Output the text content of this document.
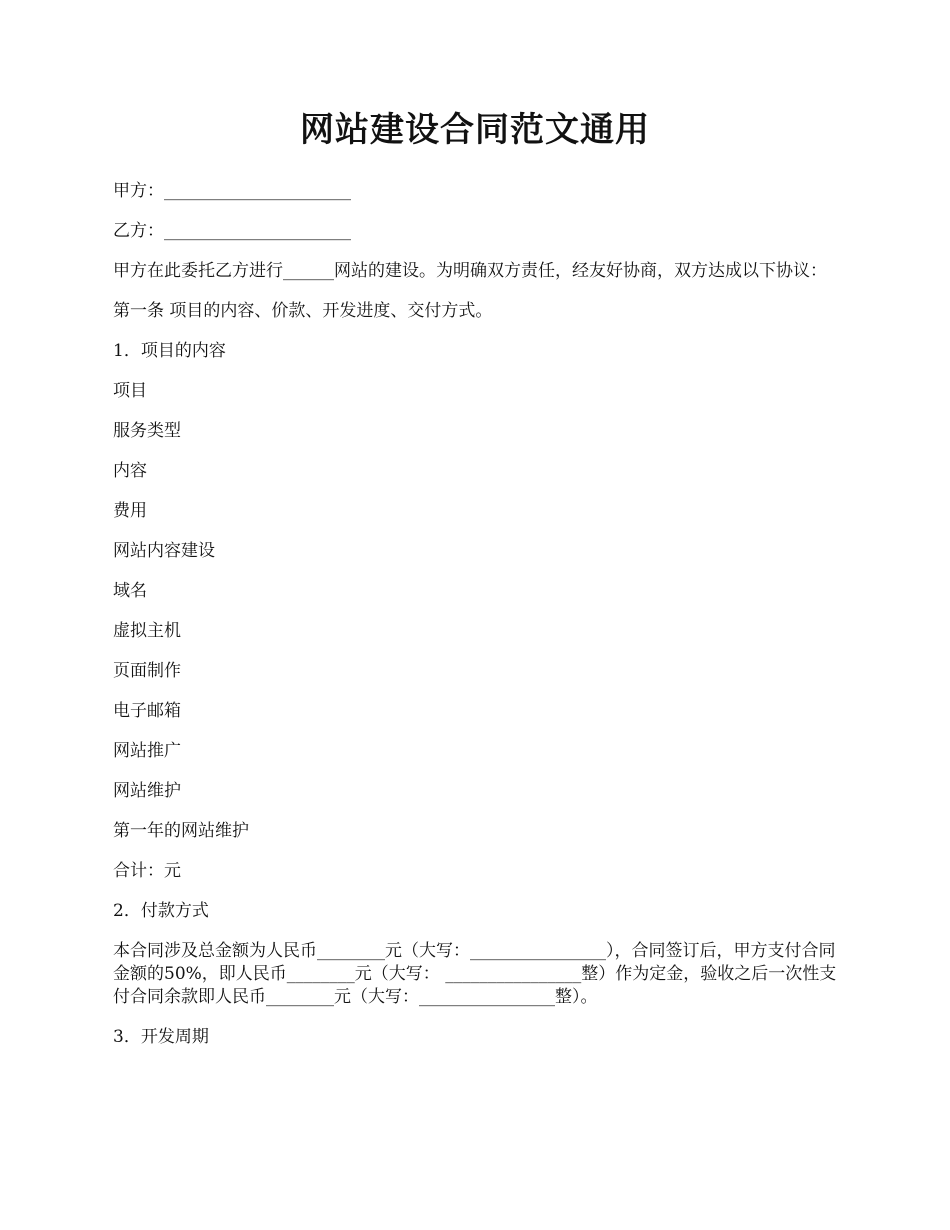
网站建设合同范文通用

甲方：______________________

乙方：______________________

甲方在此委托乙方进行______网站的建设。为明确双方责任，经友好协商，双方达成以下协议：

第一条 项目的内容、价款、开发进度、交付方式。

1．项目的内容

项目

服务类型

内容

费用

网站内容建设

域名

虚拟主机

页面制作

电子邮箱

网站推广

网站维护

第一年的网站维护

合计：元

2．付款方式

本合同涉及总金额为人民币________元（大写：________________），合同签订后，甲方支付合同金额的50%，即人民币________元（大写： ________________整）作为定金，验收之后一次性支付合同余款即人民币________元（大写：________________整）。

3．开发周期
